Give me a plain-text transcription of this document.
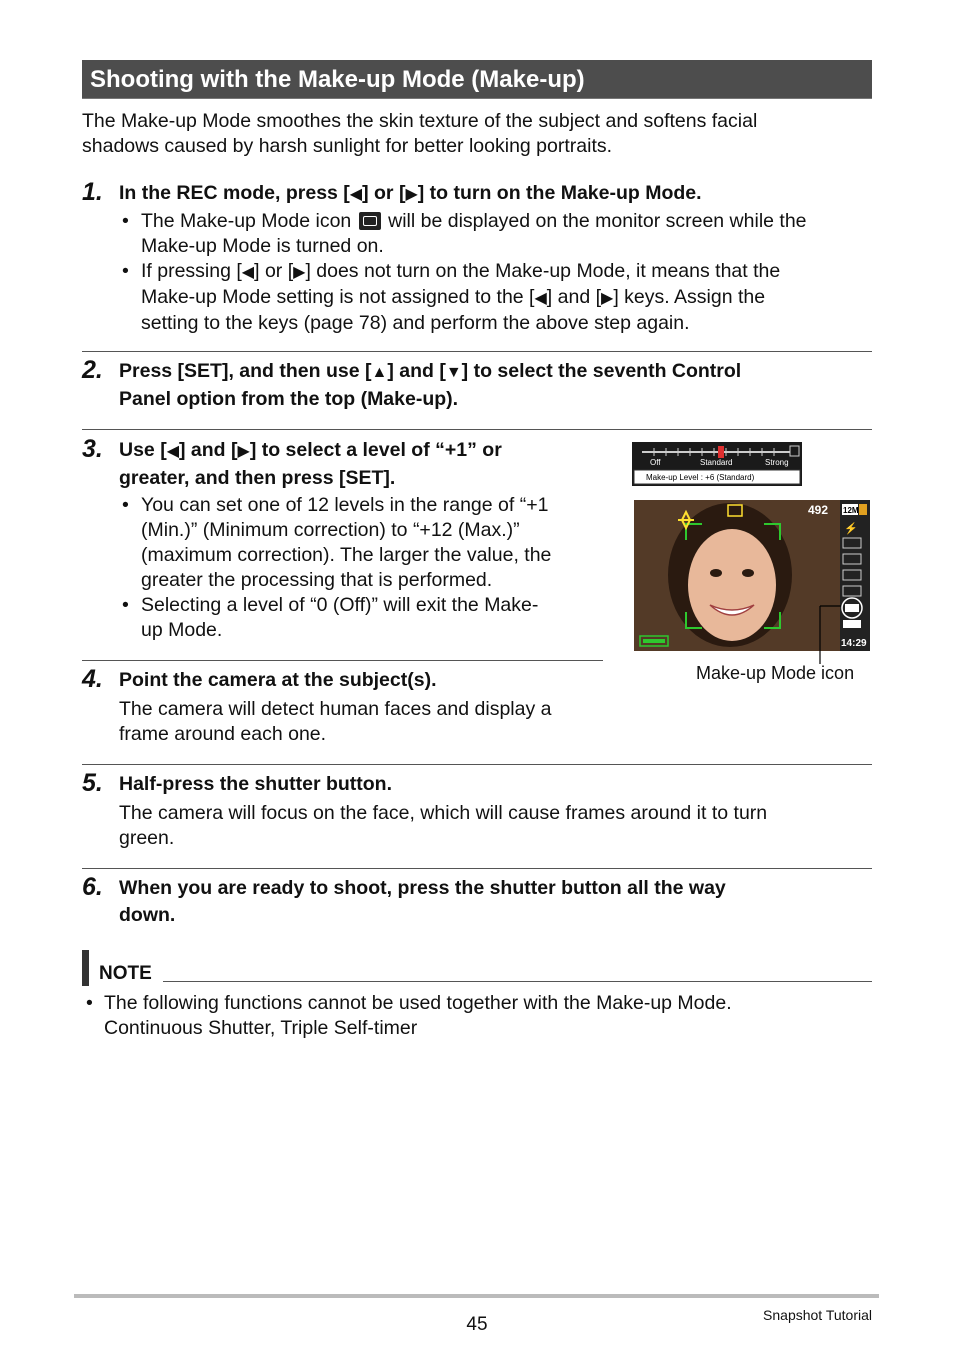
Shooting with the Make-up Mode (Make-up)
The Make-up Mode smoothes the skin texture of the subject and softens facial
shadows caused by harsh sunlight for better looking portraits.
1. In the REC mode, press [◀] or [▶] to turn on the Make-up Mode.
• The Make-up Mode icon will be displayed on the monitor screen while the
Make-up Mode is turned on.
• If pressing [◀] or [▶] does not turn on the Make-up Mode, it means that the
Make-up Mode setting is not assigned to the [◀] and [▶] keys. Assign the
setting to the keys (page 78) and perform the above step again.
2. Press [SET], and then use [▲] and [▼] to select the seventh Control
Panel option from the top (Make-up).
3. Use [◀] and [▶] to select a level of “+1” or
greater, and then press [SET].
• You can set one of 12 levels in the range of “+1
(Min.)” (Minimum correction) to “+12 (Max.)”
(maximum correction). The larger the value, the
greater the processing that is performed.
• Selecting a level of “0 (Off)” will exit the Make-
up Mode.
Off	Standard	Strong
Make-up Level : +6 (Standard)
492 12M
⚡
14:29
Make-up Mode icon
4. Point the camera at the subject(s).
The camera will detect human faces and display a
frame around each one.
5. Half-press the shutter button.
The camera will focus on the face, which will cause frames around it to turn
green.
6. When you are ready to shoot, press the shutter button all the way
down.
NOTE
• The following functions cannot be used together with the Make-up Mode.
Continuous Shutter, Triple Self-timer
45	Snapshot Tutorial
